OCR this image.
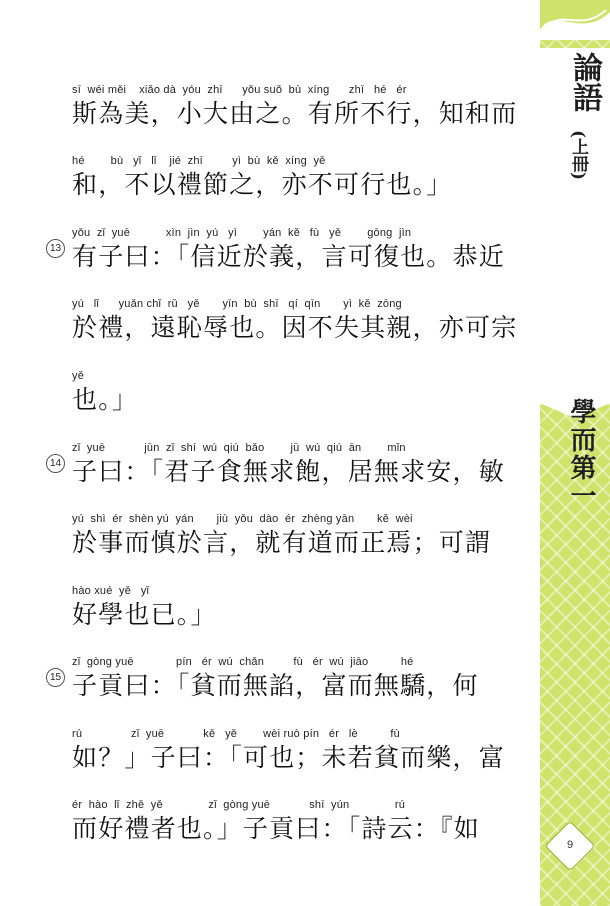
sī  wéi měi    xiǎo dà  yóu  zhī      yǒu suǒ  bù  xíng      zhī   hé   ér
斯為美，小大由之。有所不行，知和而
hé        bù   yǐ   lǐ    jié  zhī         yì  bù  kě  xíng  yě
和，不以禮節之，亦不可行也。」
13
yǒu  zǐ  yuē           xìn  jìn  yú   yì        yán  kě   fù   yě        gōng  jìn
有子曰：「信近於義，言可復也。恭近
yú   lǐ      yuǎn chǐ  rǔ   yě       yīn  bù  shī   qí  qīn       yì  kě  zōng
於禮，遠恥辱也。因不失其親，亦可宗
yě
也。」
14
zǐ  yuē            jūn  zǐ  shí  wú  qiú  bǎo        jū  wú  qiú  ān        mǐn
子曰：「君子食無求飽，居無求安，敏
yú  shì  ér  shèn yú  yán       jiù  yǒu  dào  ér  zhèng yān       kě  wèi
於事而慎於言，就有道而正焉；可謂
hào xué  yě   yǐ
好學也已。」
15
zǐ  gòng yuē             pín   ér  wú  chǎn         fù   ér  wú  jiāo          hé
子貢曰：「貧而無諂，富而無驕，何
rú               zǐ  yuē            kě   yě        wèi ruò pín   ér   lè          fù
如？」子曰：「可也；未若貧而樂，富
ér  hào  lǐ  zhě  yě              zǐ  gòng yuē            shī  yún              rú
而好禮者也。」子貢曰：「詩云：『如
論語
(上冊)
學而第一
9
